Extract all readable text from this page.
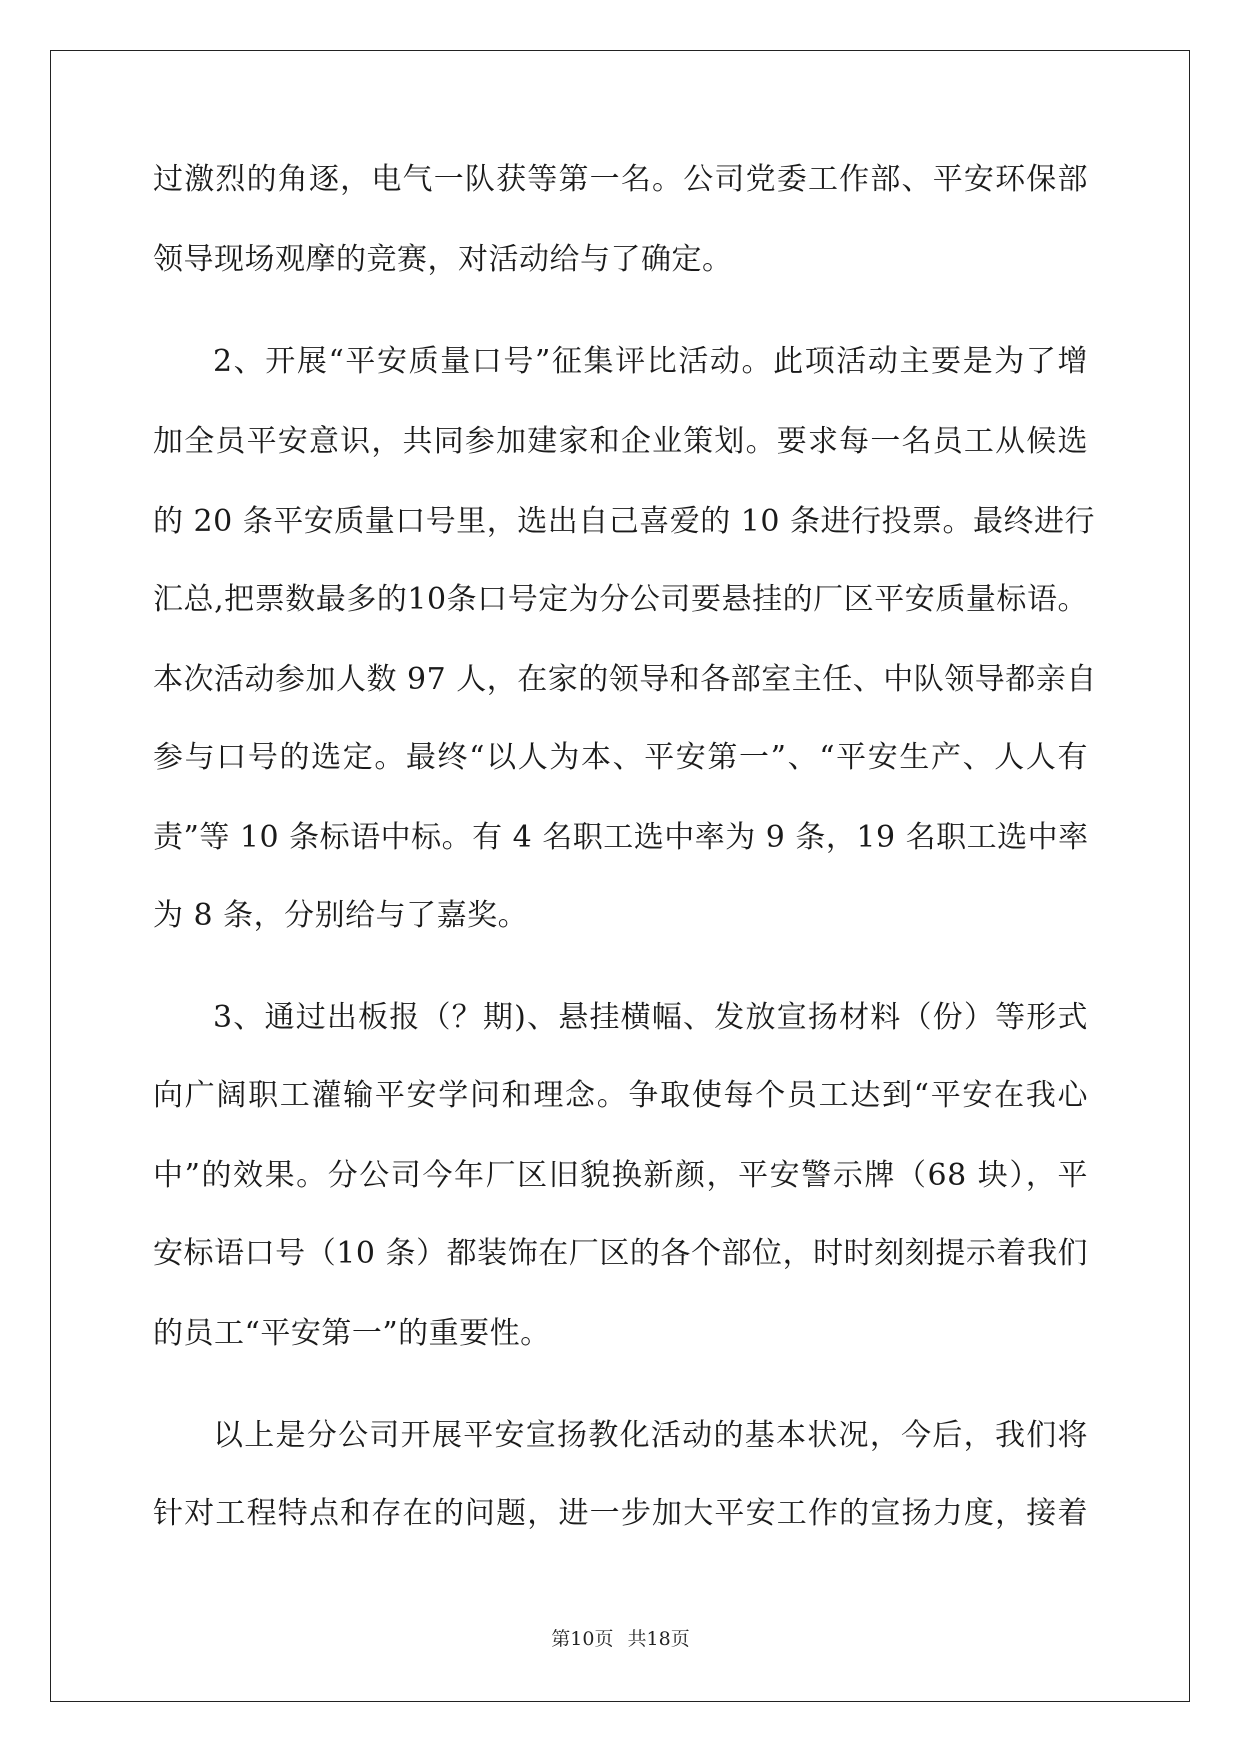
过激烈的角逐，电气一队获等第一名。公司党委工作部、平安环保部
领导现场观摩的竞赛，对活动给与了确定。
2、开展“平安质量口号”征集评比活动。此项活动主要是为了增
加全员平安意识，共同参加建家和企业策划。要求每一名员工从候选
的 20 条平安质量口号里，选出自己喜爱的 10 条进行投票。最终进行
汇总,把票数最多的10条口号定为分公司要悬挂的厂区平安质量标语。
本次活动参加人数 97 人，在家的领导和各部室主任、中队领导都亲自
参与口号的选定。最终“以人为本、平安第一”、“平安生产、人人有
责”等 10 条标语中标。有 4 名职工选中率为 9 条，19 名职工选中率
为 8 条，分别给与了嘉奖。
3、通过出板报（？期)、悬挂横幅、发放宣扬材料（份）等形式
向广阔职工灌输平安学问和理念。争取使每个员工达到“平安在我心
中”的效果。分公司今年厂区旧貌换新颜，平安警示牌（68 块），平
安标语口号（10 条）都装饰在厂区的各个部位，时时刻刻提示着我们
的员工“平安第一”的重要性。
以上是分公司开展平安宣扬教化活动的基本状况，今后，我们将
针对工程特点和存在的问题，进一步加大平安工作的宣扬力度，接着
第10页 共18页
